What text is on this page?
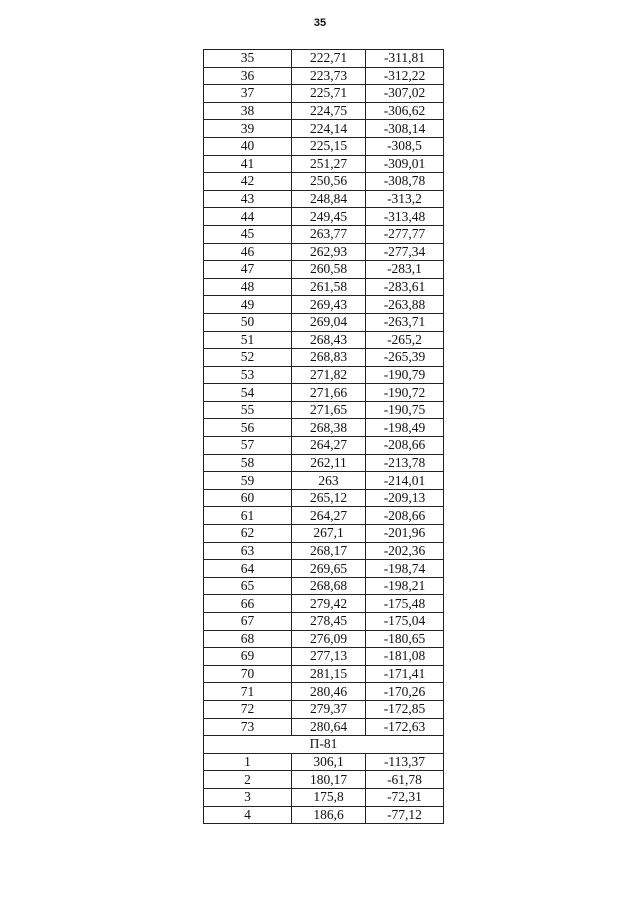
35
35	222,71	-311,81
36	223,73	-312,22
37	225,71	-307,02
38	224,75	-306,62
39	224,14	-308,14
40	225,15	-308,5
41	251,27	-309,01
42	250,56	-308,78
43	248,84	-313,2
44	249,45	-313,48
45	263,77	-277,77
46	262,93	-277,34
47	260,58	-283,1
48	261,58	-283,61
49	269,43	-263,88
50	269,04	-263,71
51	268,43	-265,2
52	268,83	-265,39
53	271,82	-190,79
54	271,66	-190,72
55	271,65	-190,75
56	268,38	-198,49
57	264,27	-208,66
58	262,11	-213,78
59	263	-214,01
60	265,12	-209,13
61	264,27	-208,66
62	267,1	-201,96
63	268,17	-202,36
64	269,65	-198,74
65	268,68	-198,21
66	279,42	-175,48
67	278,45	-175,04
68	276,09	-180,65
69	277,13	-181,08
70	281,15	-171,41
71	280,46	-170,26
72	279,37	-172,85
73	280,64	-172,63
П-81		
1	306,1	-113,37
2	180,17	-61,78
3	175,8	-72,31
4	186,6	-77,12
